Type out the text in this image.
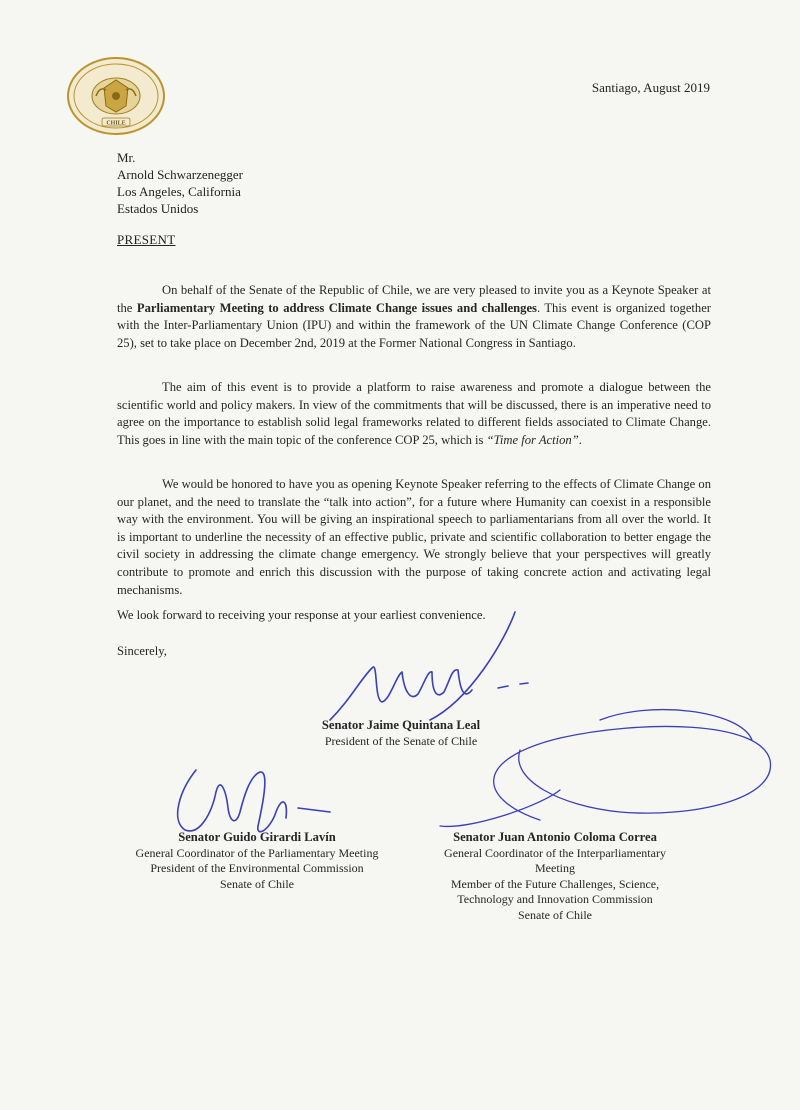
CHILE
Santiago, August 2019
Mr.
Arnold Schwarzenegger
Los Angeles, California
Estados Unidos
PRESENT
On behalf of the Senate of the Republic of Chile, we are very pleased to invite you as a Keynote Speaker at the Parliamentary Meeting to address Climate Change issues and challenges. This event is organized together with the Inter-Parliamentary Union (IPU) and within the framework of the UN Climate Change Conference (COP 25), set to take place on December 2nd, 2019 at the Former National Congress in Santiago.
The aim of this event is to provide a platform to raise awareness and promote a dialogue between the scientific world and policy makers. In view of the commitments that will be discussed, there is an imperative need to agree on the importance to establish solid legal frameworks related to different fields associated to Climate Change. This goes in line with the main topic of the conference COP 25, which is “Time for Action”.
We would be honored to have you as opening Keynote Speaker referring to the effects of Climate Change on our planet, and the need to translate the “talk into action”, for a future where Humanity can coexist in a responsible way with the environment. You will be giving an inspirational speech to parliamentarians from all over the world. It is important to underline the necessity of an effective public, private and scientific collaboration to better engage the civil society in addressing the climate change emergency. We strongly believe that your perspectives will greatly contribute to promote and enrich this discussion with the purpose of taking concrete action and activating legal mechanisms.
We look forward to receiving your response at your earliest convenience.
Sincerely,
Senator Jaime Quintana Leal
President of the Senate of Chile
Senator Guido Girardi Lavín
General Coordinator of the Parliamentary Meeting
President of the Environmental Commission
Senate of Chile
Senator Juan Antonio Coloma Correa
General Coordinator of the Interparliamentary
Meeting
Member of the Future Challenges, Science,
Technology and Innovation Commission
Senate of Chile
